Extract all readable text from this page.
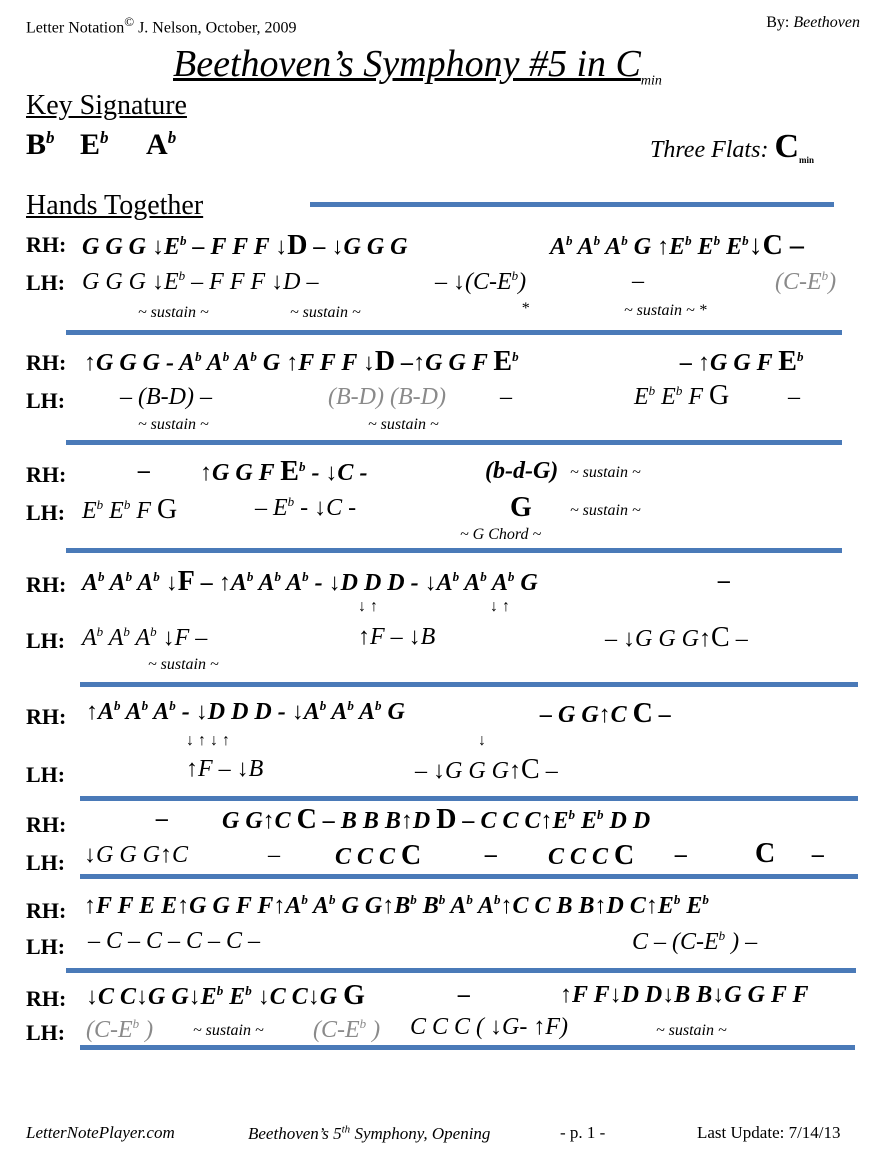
Letter Notation© J. Nelson, October, 2009	By: Beethoven
Beethoven’s Symphony #5 in $C_{min}$
Key Signature
$B^b$ $E^b$ $A^b$	Three Flats: $C_{min}$
Hands Together
RH: G G G $↓E^b$ – F F F ↓D – ↓G G G	$A^b$ $A^b$ $A^b$ G $↑E^b$ $E^b$ $E^b↓C$ –
LH: G G G $↓E^b$ – F F F ↓D –	– $↓(C-E^b)$	–	$(C-E^b)$
~ sustain ~	~ sustain ~	*	~ sustain ~ *
RH: ↑G G G - $A^b$ $A^b$ $A^b$ G ↑F F F ↓D –↑G G F $E^b$	– ↑G G F $E^b$
LH: – (B-D) –	(B-D) (B-D) –	$E^b$ $E^b$ F G –
~ sustain ~	~ sustain ~
RH:	– ↑G G F $E^b$ - ↓C -	(b-d-G) ~ sustain ~
LH: $E^b$ $E^b$ F G	– $E^b$ - ↓C -	G ~ sustain ~
~ G Chord ~
RH: $A^b$ $A^b$ $A^b$ ↓F – $↑A^b$ $A^b$ $A^b$ - ↓D D D - $↓A^b$ $A^b$ $A^b$ G	–
↓ ↑	↓ ↑
LH: $A^b$ $A^b$ $A^b$ ↓F –	↑F – ↓B	– ↓G G G↑C –
~ sustain ~
RH: $↑A^b$ $A^b$ $A^b$ - ↓D D D - $↓A^b$ $A^b$ $A^b$ G	– G G↑C C –
↓ ↑ ↓ ↑	↓
LH:	↑F – ↓B	– ↓G G G↑C –
RH:	– G G↑C C – B B B↑D D – C C $C↑E^b$ $E^b$ D D
LH: ↓G G G↑C	– C C C C	– C C C C – C –
RH: ↑F F E E↑G G F $F↑A^b$ $A^b$ G $G↑B^b$ $B^b$ $A^b$ $A^b↑C$ C B B↑D $C↑E^b$ $E^b$
LH: – C – C – C – C –	C – ($C-E^b$ ) –
RH: ↓C C↓G $G↓E^b$ $E^b$ ↓C C↓G G	–	↑F F↓D D↓B B↓G G F F
LH: ($C-E^b$ ) ~ sustain ~ ($C-E^b$ ) C C C ( ↓G- ↑F)	~ sustain ~
LetterNotePlayer.com	Beethoven’s 5th Symphony, Opening	- p. 1 -	Last Update: 7/14/13
